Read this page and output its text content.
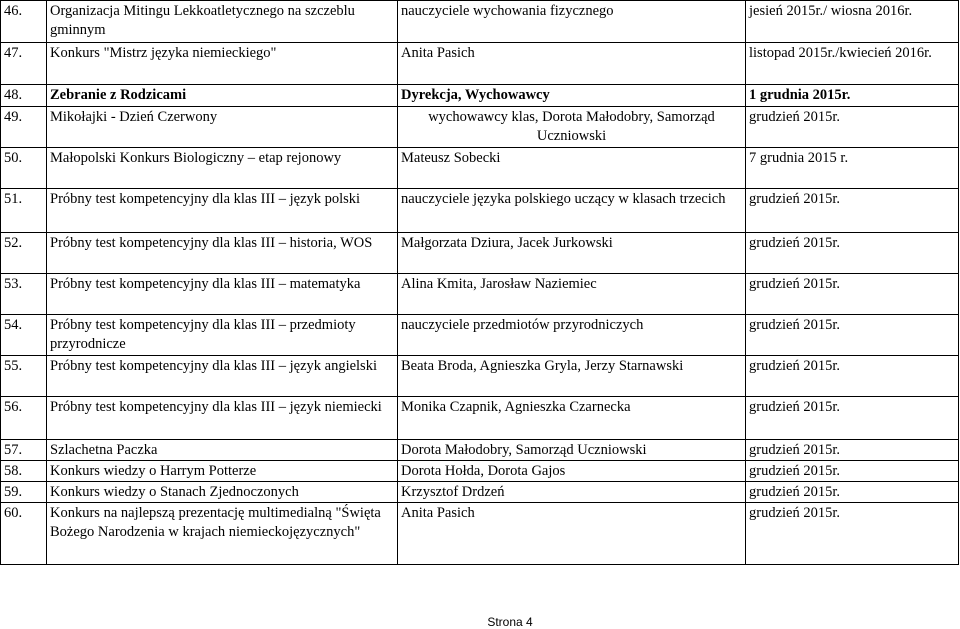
46.	Organizacja Mitingu Lekkoatletycznego na szczeblu gminnym	nauczyciele wychowania fizycznego	jesień 2015r./ wiosna 2016r.
47.	Konkurs "Mistrz języka niemieckiego"	Anita Pasich	listopad 2015r./kwiecień 2016r.
48.	Zebranie z Rodzicami	Dyrekcja, Wychowawcy	1 grudnia 2015r.
49.	Mikołajki - Dzień Czerwony	wychowawcy klas, Dorota Małodobry, Samorząd Uczniowski	grudzień 2015r.
50.	Małopolski Konkurs Biologiczny – etap rejonowy	Mateusz Sobecki	7 grudnia 2015 r.
51.	Próbny test kompetencyjny dla klas III – język polski	nauczyciele języka polskiego uczący w klasach trzecich	grudzień 2015r.
52.	Próbny test kompetencyjny dla klas III – historia, WOS	Małgorzata Dziura, Jacek Jurkowski	grudzień 2015r.
53.	Próbny test kompetencyjny dla klas III – matematyka	Alina Kmita, Jarosław Naziemiec	grudzień 2015r.
54.	Próbny test kompetencyjny dla klas III – przedmioty przyrodnicze	nauczyciele przedmiotów przyrodniczych	grudzień 2015r.
55.	Próbny test kompetencyjny dla klas III – język angielski	Beata Broda, Agnieszka Gryla, Jerzy Starnawski	grudzień 2015r.
56.	Próbny test kompetencyjny dla klas III – język niemiecki	Monika Czapnik, Agnieszka Czarnecka	grudzień 2015r.
57.	Szlachetna Paczka	Dorota Małodobry, Samorząd Uczniowski	grudzień 2015r.
58.	Konkurs wiedzy o Harrym Potterze	Dorota Hołda, Dorota Gajos	grudzień 2015r.
59.	Konkurs wiedzy o Stanach Zjednoczonych	Krzysztof Drdzeń	grudzień 2015r.
60.	Konkurs na najlepszą prezentację multimedialną "Święta Bożego Narodzenia w krajach niemieckojęzycznych"	Anita Pasich	grudzień 2015r.
Strona 4
